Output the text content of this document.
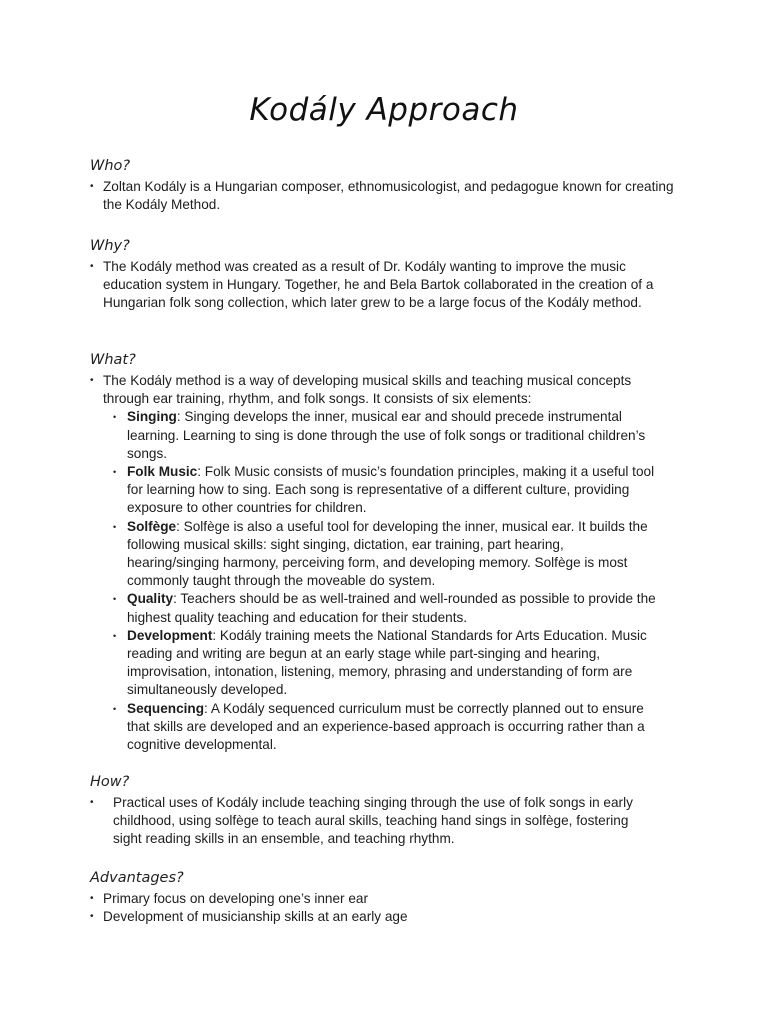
Kodály Approach
Who?
• Zoltan Kodály is a Hungarian composer, ethnomusicologist, and pedagogue known for creating the Kodály Method.
Why?
• The Kodály method was created as a result of Dr. Kodály wanting to improve the music education system in Hungary. Together, he and Bela Bartok collaborated in the creation of a Hungarian folk song collection, which later grew to be a large focus of the Kodály method.
What?
• The Kodály method is a way of developing musical skills and teaching musical concepts through ear training, rhythm, and folk songs. It consists of six elements:
• Singing: Singing develops the inner, musical ear and should precede instrumental learning. Learning to sing is done through the use of folk songs or traditional children’s songs.
• Folk Music: Folk Music consists of music’s foundation principles, making it a useful tool for learning how to sing. Each song is representative of a different culture, providing exposure to other countries for children.
• Solfège: Solfège is also a useful tool for developing the inner, musical ear. It builds the following musical skills: sight singing, dictation, ear training, part hearing, hearing/singing harmony, perceiving form, and developing memory. Solfège is most commonly taught through the moveable do system.
• Quality: Teachers should be as well-trained and well-rounded as possible to provide the highest quality teaching and education for their students.
• Development: Kodály training meets the National Standards for Arts Education. Music reading and writing are begun at an early stage while part-singing and hearing, improvisation, intonation, listening, memory, phrasing and understanding of form are simultaneously developed.
• Sequencing: A Kodály sequenced curriculum must be correctly planned out to ensure that skills are developed and an experience-based approach is occurring rather than a cognitive developmental.
How?
• Practical uses of Kodály include teaching singing through the use of folk songs in early childhood, using solfège to teach aural skills, teaching hand sings in solfège, fostering sight reading skills in an ensemble, and teaching rhythm.
Advantages?
• Primary focus on developing one’s inner ear
• Development of musicianship skills at an early age
